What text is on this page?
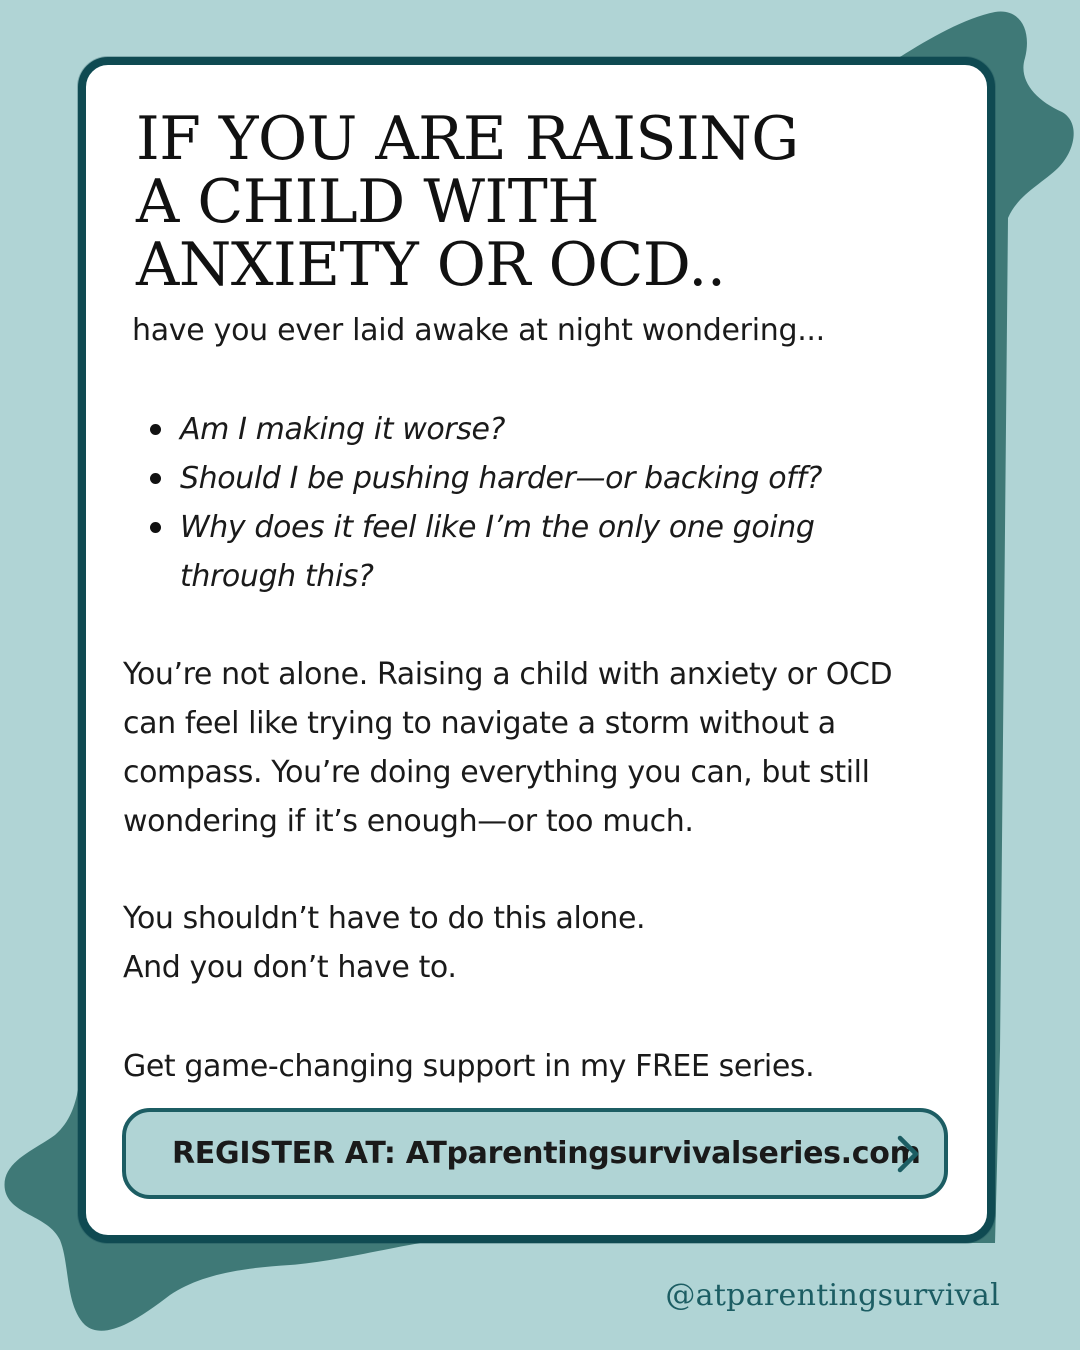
IF YOU ARE RAISING
A CHILD WITH
ANXIETY OR OCD..

have you ever laid awake at night wondering...

Am I making it worse?
Should I be pushing harder—or backing off?
Why does it feel like I’m the only one going through this?

You’re not alone. Raising a child with anxiety or OCD can feel like trying to navigate a storm without a compass. You’re doing everything you can, but still wondering if it’s enough—or too much.

You shouldn’t have to do this alone.
And you don’t have to.

Get game-changing support in my FREE series.

REGISTER AT: ATparentingsurvivalseries.com

@atparentingsurvival
